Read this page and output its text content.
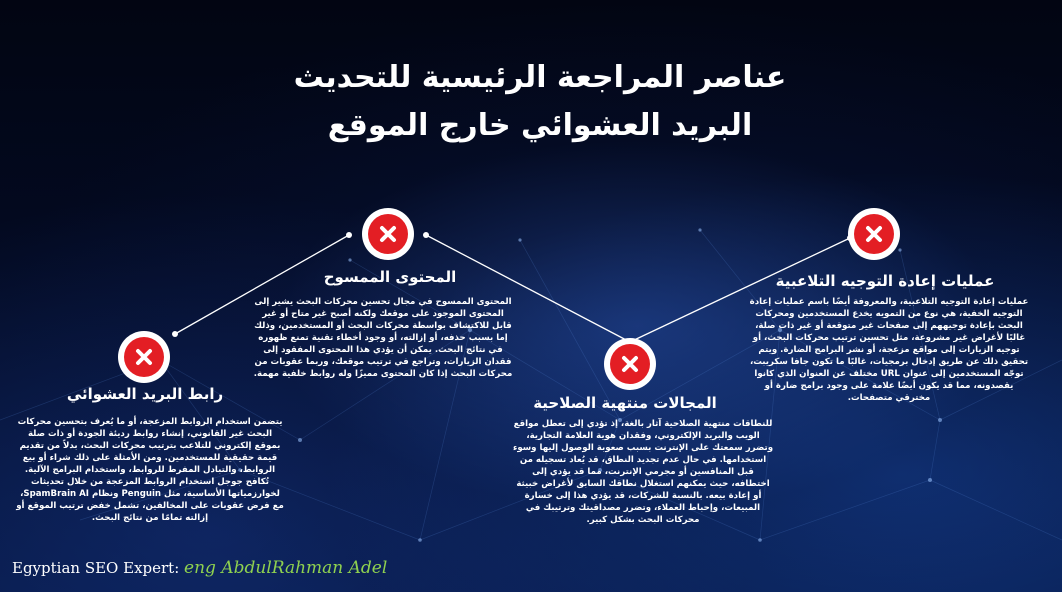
عناصر المراجعة الرئيسية للتحديث
البريد العشوائي خارج الموقع
المحتوى الممسوح

المحتوى الممسوح في مجال تحسين محركات البحث يشير إلى المحتوى الموجود على موقعك ولكنه أصبح غير متاح أو غير قابل للاكتشاف بواسطة محركات البحث أو المستخدمين، وذلك إما بسبب حذفه، أو إزالته، أو وجود أخطاء تقنية تمنع ظهوره في نتائج البحث. يمكن أن يؤدي هذا المحتوى المفقود إلى فقدان الزيارات، وتراجع في ترتيب موقعك، وربما عقوبات من محركات البحث إذا كان المحتوى مميزًا وله روابط خلفية مهمة.

عمليات إعادة التوجيه التلاعبية

عمليات إعادة التوجيه التلاعبية، والمعروفة أيضًا باسم عمليات إعادة التوجيه الخفية، هي نوع من التمويه يخدع المستخدمين ومحركات البحث بإعادة توجيههم إلى صفحات غير متوقعة أو غير ذات صلة، غالبًا لأغراض غير مشروعة، مثل تحسين ترتيب محركات البحث، أو توجيه الزيارات إلى مواقع مزعجة، أو نشر البرامج الضارة. ويتم تحقيق ذلك عن طريق إدخال برمجيات، غالبًا ما تكون جافا سكريبت، توجّه المستخدمين إلى عنوان URL مختلف عن العنوان الذي كانوا يقصدونه، مما قد يكون أيضًا علامة على وجود برامج ضارة أو مخترقي متصفحات.

رابط البريد العشوائي

يتضمن استخدام الروابط المزعجة، أو ما يُعرف بتحسين محركات البحث غير القانوني، إنشاء روابط رديئة الجودة أو ذات صلة بموقع إلكتروني للتلاعب بترتيب محركات البحث، بدلاً من تقديم قيمة حقيقية للمستخدمين. ومن الأمثلة على ذلك شراء أو بيع الروابط، والتبادل المفرط للروابط، واستخدام البرامج الآلية. تُكافح جوجل استخدام الروابط المزعجة من خلال تحديثات لخوارزمياتها الأساسية، مثل Penguin ونظام SpamBrain AI، مع فرض عقوبات على المخالفين، تشمل خفض ترتيب الموقع أو إزالته تمامًا من نتائج البحث.

المجالات منتهية الصلاحية

للنطاقات منتهية الصلاحية آثار بالغة، إذ تؤدي إلى تعطل مواقع الويب والبريد الإلكتروني، وفقدان هوية العلامة التجارية، وتضرر سمعتك على الإنترنت بسبب صعوبة الوصول إليها وسوء استخدامها. في حال عدم تجديد النطاق، قد يُعاد تسجيله من قبل المنافسين أو مجرمي الإنترنت، مما قد يؤدي إلى اختطافه، حيث يمكنهم استغلال نطاقك السابق لأغراض خبيثة أو إعادة بيعه. بالنسبة للشركات، قد يؤدي هذا إلى خسارة المبيعات، وإحباط العملاء، وتضرر مصداقيتك وترتيبك في محركات البحث بشكل كبير.

Egyptian SEO Expert: eng AbdulRahman Adel
